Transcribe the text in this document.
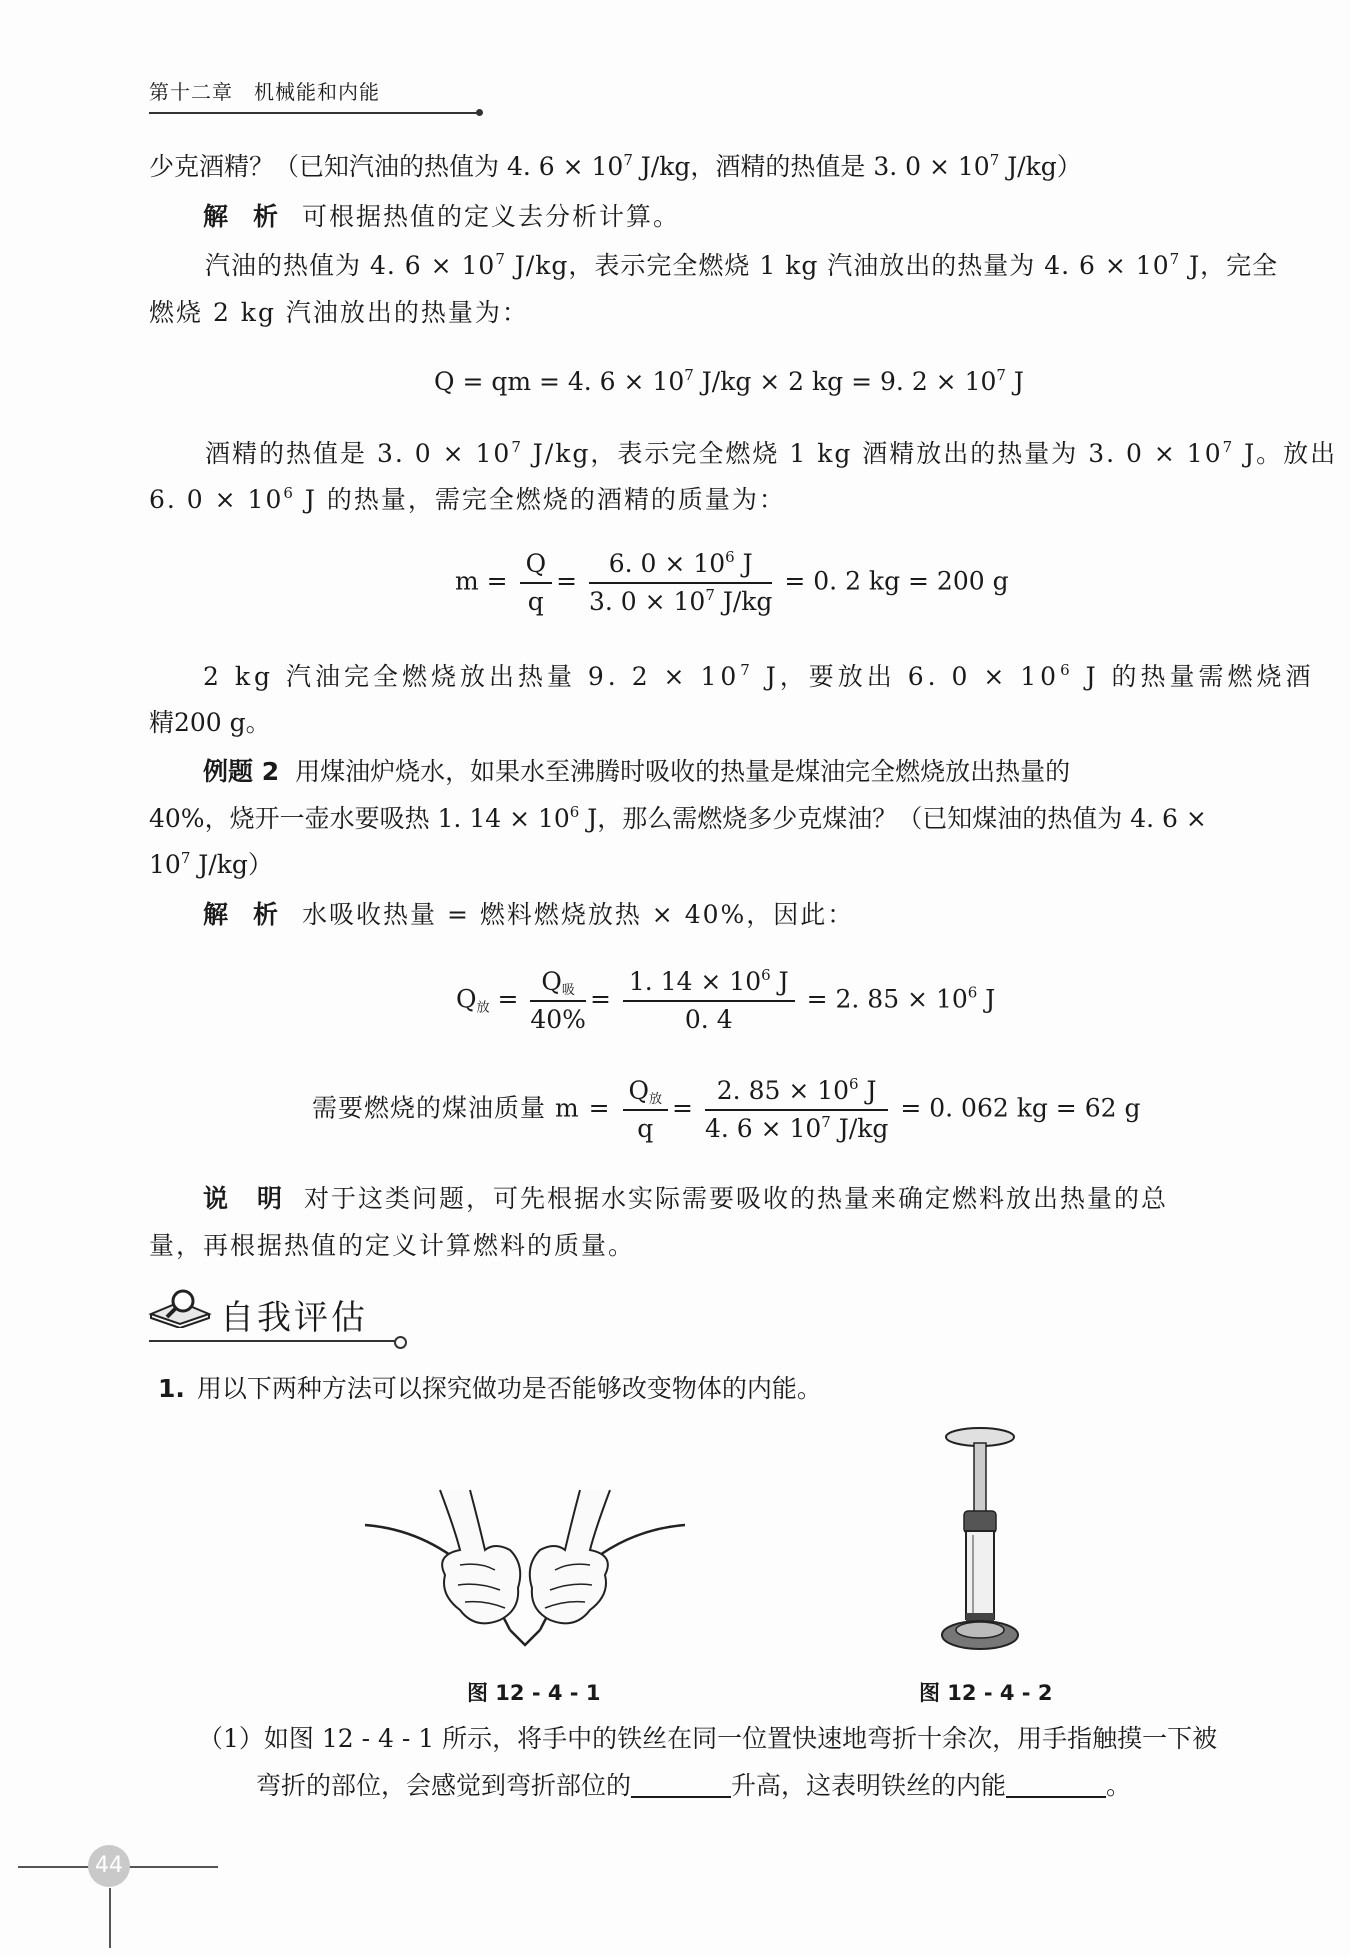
第十二章　机械能和内能
少克酒精？（已知汽油的热值为 4. $6 \times 10^7$ J/kg，酒精的热值是 3. $0 \times 10^7$ J/kg）
解　析 可根据热值的定义去分析计算。
汽油的热值为 4. $6 \times 10^7$ J/kg，表示完全燃烧 1 kg 汽油放出的热量为 4. $6 \times 10^7$ J，完全
燃烧 2 kg 汽油放出的热量为：
Q = qm = 4. $6 \times 10^7$ J/kg × 2 kg = 9. $2 \times 10^7$ J
酒精的热值是 3. $0 \times 10^7$ J/kg，表示完全燃烧 1 kg 酒精放出的热量为 3. $0 \times 10^7$ J。放出
6. $0 \times 10^6$ J 的热量，需完全燃烧的酒精的质量为：
$m = \frac{Q}{q} = \frac{6. 0 \times 10^6 J}{3. 0 \times 10^7 J/kg} = 0$. 2 kg = 200 g
2 kg 汽油完全燃烧放出热量 9. $2 \times 10^7$ J，要放出 6. $0 \times 10^6$ J 的热量需燃烧酒
精200 g。
例题 2 用煤油炉烧水，如果水至沸腾时吸收的热量是煤油完全燃烧放出热量的
40%，烧开一壶水要吸热 1. $14 \times 10^6$ J，那么需燃烧多少克煤油？（已知煤油的热值为 4. 6 ×
$10^7$ J/kg）
解　析 水吸收热量 = 燃料燃烧放热 × 40%，因此：
$Q_放 = \frac{Q_吸}{40\%} = \frac{1. 14 \times 10^6 J}{0. 4} = 2$. $85 \times 10^6$ J
需要燃烧的煤油质量 $m = \frac{Q_放}{q} = \frac{2. 85 \times 10^6 J}{4. 6 \times 10^7 J/kg} = 0$. 062 kg = 62 g
说　明 对于这类问题，可先根据水实际需要吸收的热量来确定燃料放出热量的总
量，再根据热值的定义计算燃料的质量。
自我评估
1. 用以下两种方法可以探究做功是否能够改变物体的内能。
图 12 - 4 - 1	图 12 - 4 - 2
（1）如图 12 - 4 - 1 所示，将手中的铁丝在同一位置快速地弯折十余次，用手指触摸一下被
弯折的部位，会感觉到弯折部位的	升高，这表明铁丝的内能	。
44
